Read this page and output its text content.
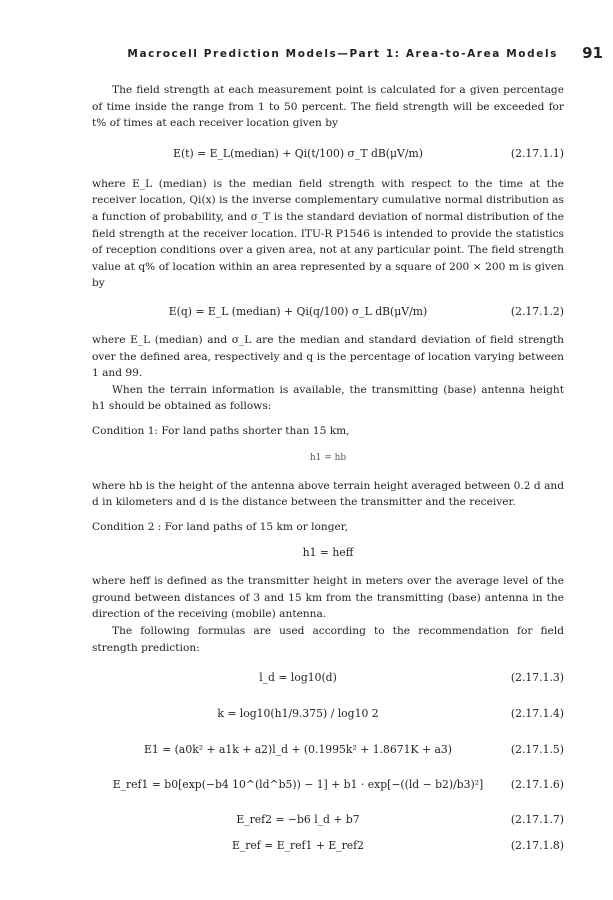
Macrocell Prediction Models—Part 1: Area-to-Area Models 91

The field strength at each measurement point is calculated for a given percentage of time inside the range from 1 to 50 percent. The field strength will be exceeded for t% of times at each receiver location given by

E(t) = E_L(median) + Qi(t/100) σ_T dB(μV/m)	(2.17.1.1)

where E_L (median) is the median field strength with respect to the time at the receiver location, Qi(x) is the inverse complementary cumulative normal distribution as a function of probability, and σ_T is the standard deviation of normal distribution of the field strength at the receiver location. ITU-R P1546 is intended to provide the statistics of reception conditions over a given area, not at any particular point. The field strength value at q% of location within an area represented by a square of 200 × 200 m is given by

E(q) = E_L (median) + Qi(q/100) σ_L dB(μV/m)	(2.17.1.2)

where E_L (median) and σ_L are the median and standard deviation of field strength over the defined area, respectively and q is the percentage of location varying between 1 and 99.

When the terrain information is available, the transmitting (base) antenna height h1 should be obtained as follows:

Condition 1: For land paths shorter than 15 km,

h1 = hb

where hb is the height of the antenna above terrain height averaged between 0.2 d and d in kilometers and d is the distance between the transmitter and the receiver.

Condition 2 : For land paths of 15 km or longer,

h1 = heff

where heff is defined as the transmitter height in meters over the average level of the ground between distances of 3 and 15 km from the transmitting (base) antenna in the direction of the receiving (mobile) antenna.

The following formulas are used according to the recommendation for field strength prediction:

l_d = log10(d)	(2.17.1.3)
k = log10(h1/9.375) / log10 2	(2.17.1.4)
E1 = (a0k² + a1k + a2)l_d + (0.1995k² + 1.8671K + a3)	(2.17.1.5)
E_ref1 = b0[exp(−b4 10^(ld^b5)) − 1] + b1 · exp[−((ld − b2)/b3)²]	(2.17.1.6)
E_ref2 = −b6 l_d + b7	(2.17.1.7)
E_ref = E_ref1 + E_ref2	(2.17.1.8)
